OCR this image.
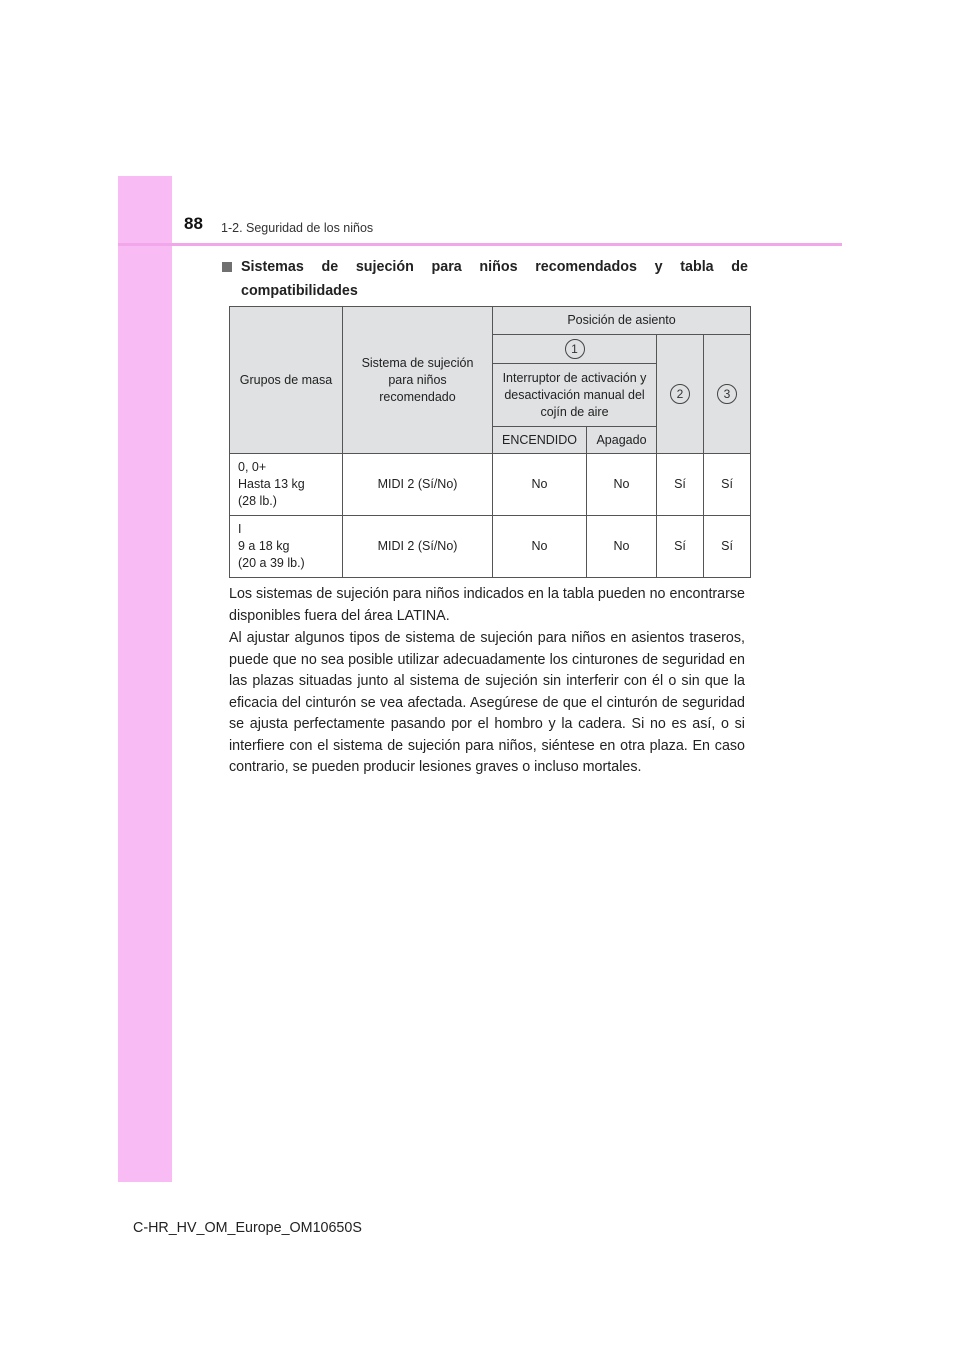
88 1-2. Seguridad de los niños
Sistemas de sujeción para niños recomendados y tabla de
compatibilidades
Grupos de masa	Sistema de sujeción para niños recomendado	Posición de asiento			
		1		2	3

		Interruptor de activación y desactivación manual del cojín de aire			

		ENCENDIDO	Apagado		

0, 0+
Hasta 13 kg
(28 lb.)	MIDI 2 (Sí/No)	No	No	Sí	Sí

I
9 a 18 kg
(20 a 39 lb.)	MIDI 2 (Sí/No)	No	No	Sí	Sí

Los sistemas de sujeción para niños indicados en la tabla pueden no encontrarse disponibles fuera del área LATINA.

Al ajustar algunos tipos de sistema de sujeción para niños en asientos traseros, puede que no sea posible utilizar adecuadamente los cinturones de seguridad en las plazas situadas junto al sistema de sujeción sin interferir con él o sin que la eficacia del cinturón se vea afectada. Asegúrese de que el cinturón de seguridad se ajusta perfectamente pasando por el hombro y la cadera. Si no es así, o si interfiere con el sistema de sujeción para niños, siéntese en otra plaza. En caso contrario, se pueden producir lesiones graves o incluso mortales.

C-HR_HV_OM_Europe_OM10650S
